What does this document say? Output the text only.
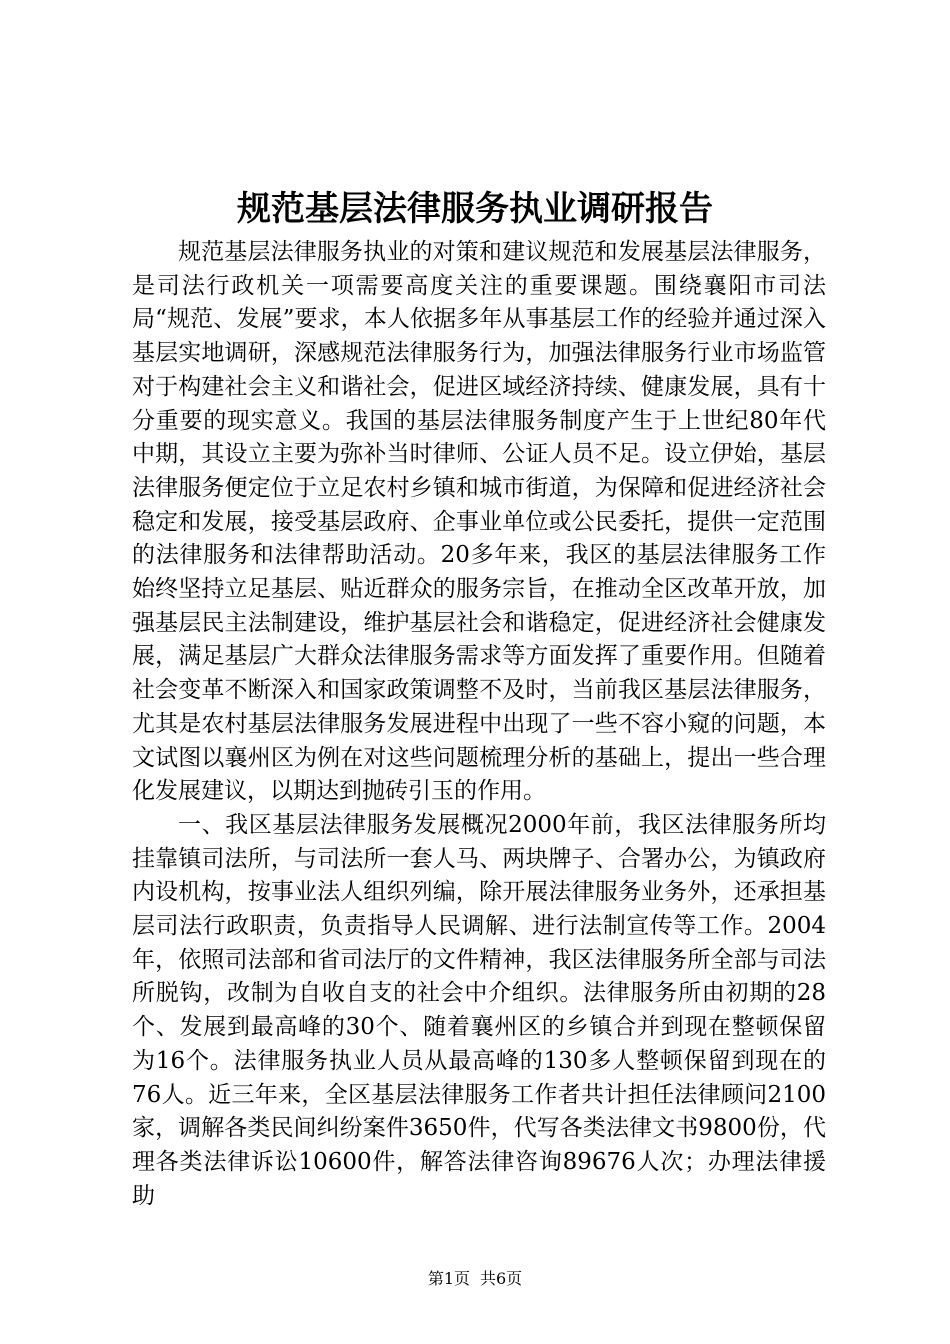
规范基层法律服务执业调研报告

规范基层法律服务执业的对策和建议规范和发展基层法律服务，是司法行政机关一项需要高度关注的重要课题。围绕襄阳市司法局“规范、发展”要求，本人依据多年从事基层工作的经验并通过深入基层实地调研，深感规范法律服务行为，加强法律服务行业市场监管对于构建社会主义和谐社会，促进区域经济持续、健康发展，具有十分重要的现实意义。我国的基层法律服务制度产生于上世纪80年代中期，其设立主要为弥补当时律师、公证人员不足。设立伊始，基层法律服务便定位于立足农村乡镇和城市街道，为保障和促进经济社会稳定和发展，接受基层政府、企事业单位或公民委托，提供一定范围的法律服务和法律帮助活动。20多年来，我区的基层法律服务工作始终坚持立足基层、贴近群众的服务宗旨，在推动全区改革开放，加强基层民主法制建设，维护基层社会和谐稳定，促进经济社会健康发展，满足基层广大群众法律服务需求等方面发挥了重要作用。但随着社会变革不断深入和国家政策调整不及时，当前我区基层法律服务，尤其是农村基层法律服务发展进程中出现了一些不容小窥的问题，本文试图以襄州区为例在对这些问题梳理分析的基础上，提出一些合理化发展建议，以期达到抛砖引玉的作用。

一、我区基层法律服务发展概况2000年前，我区法律服务所均挂靠镇司法所，与司法所一套人马、两块牌子、合署办公，为镇政府内设机构，按事业法人组织列编，除开展法律服务业务外，还承担基层司法行政职责，负责指导人民调解、进行法制宣传等工作。2004年，依照司法部和省司法厅的文件精神，我区法律服务所全部与司法所脱钩，改制为自收自支的社会中介组织。法律服务所由初期的28个、发展到最高峰的30个、随着襄州区的乡镇合并到现在整顿保留为16个。法律服务执业人员从最高峰的130多人整顿保留到现在的76人。近三年来，全区基层法律服务工作者共计担任法律顾问2100家，调解各类民间纠纷案件3650件，代写各类法律文书9800份，代理各类法律诉讼10600件，解答法律咨询89676人次；办理法律援助

第1页 共6页
